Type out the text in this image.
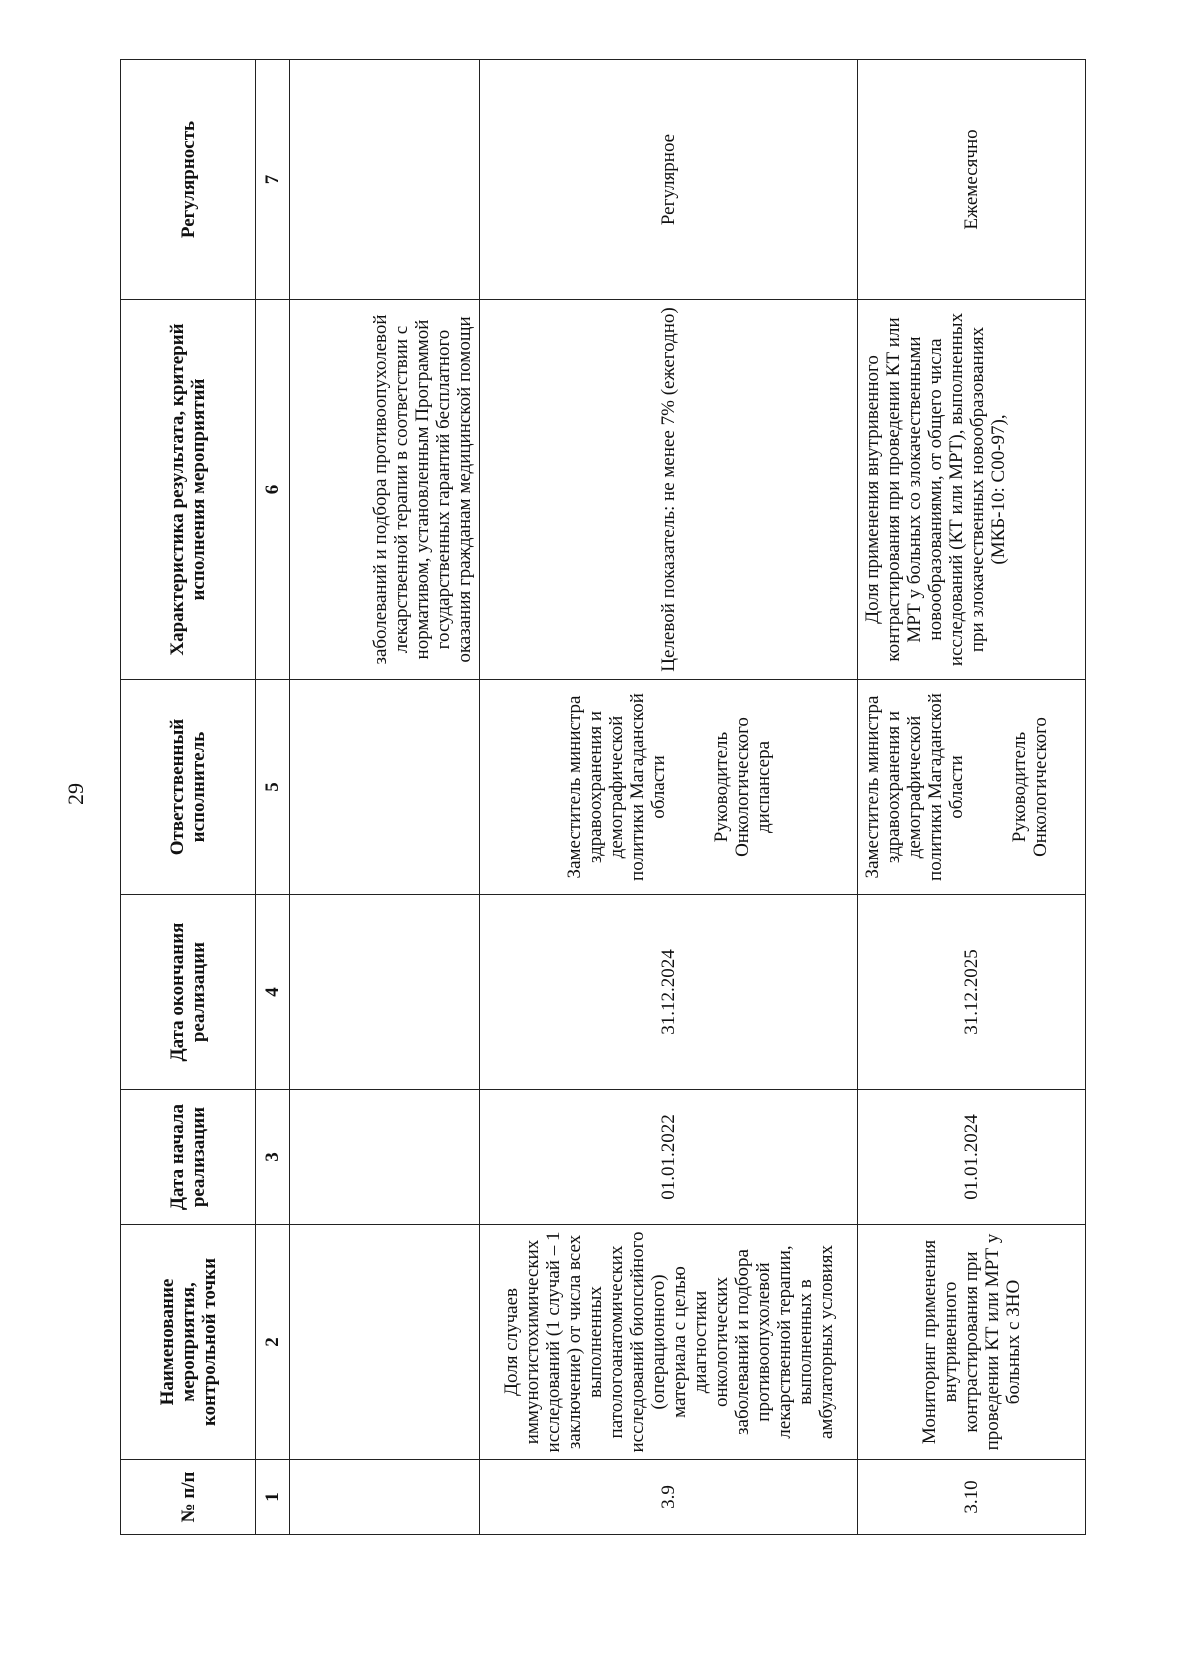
29
№ п/п	Наименование мероприятия, контрольной точки	Дата начала реализации	Дата окончания реализации	Ответственный исполнитель	Характеристика результата, критерий исполнения мероприятий	Регулярность
1	2	3	4	5	6	7
					заболеваний и подбора противоопухолевой лекарственной терапии в соответствии с нормативом, установленным Программой государственных гарантий бесплатного оказания гражданам медицинской помощи	
3.9	Доля случаев иммуногистохимических исследований (1 случай – 1 заключение) от числа всех выполненных патологоанатомических исследований биопсийного (операционного) материала с целью диагностики онкологических заболеваний и подбора противоопухолевой лекарственной терапии, выполненных в амбулаторных условиях	01.01.2022	31.12.2024	Заместитель министра здравоохранения и демографической политики Магаданской области Руководитель Онкологического диспансера	Целевой показатель: не менее 7% (ежегодно)	Регулярное
3.10	Мониторинг применения внутривенного контрастирования при проведении КТ или МРТ у больных с ЗНО	01.01.2024	31.12.2025	Заместитель министра здравоохранения и демографической политики Магаданской области Руководитель Онкологического	Доля применения внутривенного контрастирования при проведении КТ или МРТ у больных со злокачественными новообразованиями, от общего числа исследований (КТ или МРТ), выполненных при злокачественных новообразованиях (МКБ-10: С00-97),	Ежемесячно
